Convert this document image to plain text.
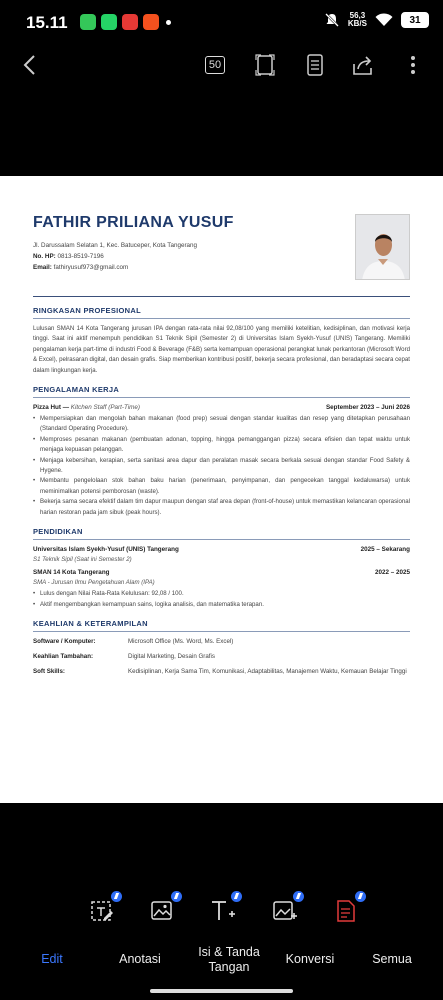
15.11	56,3
KB/S	31
50
FATHIR PRILIANA YUSUF
Jl. Darussalam Selatan 1, Kec. Batuceper, Kota Tangerang
No. HP: 0813-8519-7196
Email: fathiryusuf973@gmail.com
RINGKASAN PROFESIONAL
Lulusan SMAN 14 Kota Tangerang jurusan IPA dengan rata-rata nilai 92,08/100 yang memiliki ketelitian, kedisiplinan, dan motivasi kerja tinggi. Saat ini aktif menempuh pendidikan S1 Teknik Sipil (Semester 2) di Universitas Islam Syekh-Yusuf (UNIS) Tangerang. Memiliki pengalaman kerja part-time di industri Food & Beverage (F&B) serta kemampuan operasional perangkat lunak perkantoran (Microsoft Word & Excel), pelrasaran digital, dan desain grafis. Siap memberikan kontribusi positif, bekerja secara profesional, dan beradaptasi secara cepat dalam lingkungan kerja.
PENGALAMAN KERJA
Pizza Hut — Kitchen Staff (Part-Time)	September 2023 – Juni 2026
• Mempersiapkan dan mengolah bahan makanan (food prep) sesuai dengan standar kualitas dan resep yang ditetapkan perusahaan (Standard Operating Procedure).
• Memproses pesanan makanan (pembuatan adonan, topping, hingga pemanggangan pizza) secara efisien dan tepat waktu untuk menjaga kepuasan pelanggan.
• Menjaga kebersihan, kerapian, serta sanitasi area dapur dan peralatan masak secara berkala sesuai dengan standar Food Safety & Hygene.
• Membantu pengelolaan stok bahan baku harian (penerimaan, penyimpanan, dan pengecekan tanggal kedaluwarsa) untuk meminimalkan potensi pemborosan (waste).
• Bekerja sama secara efektif dalam tim dapur maupun dengan staf area depan (front-of-house) untuk memastikan kelancaran operasional harian restoran pada jam sibuk (peak hours).
PENDIDIKAN
Universitas Islam Syekh-Yusuf (UNIS) Tangerang	2025 – Sekarang
S1 Teknik Sipil (Saat ini Semester 2)
SMAN 14 Kota Tangerang	2022 – 2025
SMA - Jurusan Ilmu Pengetahuan Alam (IPA)
• Lulus dengan Nilai Rata-Rata Kelulusan: 92,08 / 100.
• Aktif mengembangkan kemampuan sains, logika analisis, dan matematika terapan.
KEAHLIAN & KETERAMPILAN
Software / Komputer:	Microsoft Office (Ms. Word, Ms. Excel)
Keahlian Tambahan:	Digital Marketing, Desain Grafis
Soft Skills:	Kedisiplinan, Kerja Sama Tim, Komunikasi, Adaptabilitas, Manajemen Waktu, Kemauan Belajar Tinggi
Edit	Anotasi	Isi & Tanda Tangan
Konversi	Semua
